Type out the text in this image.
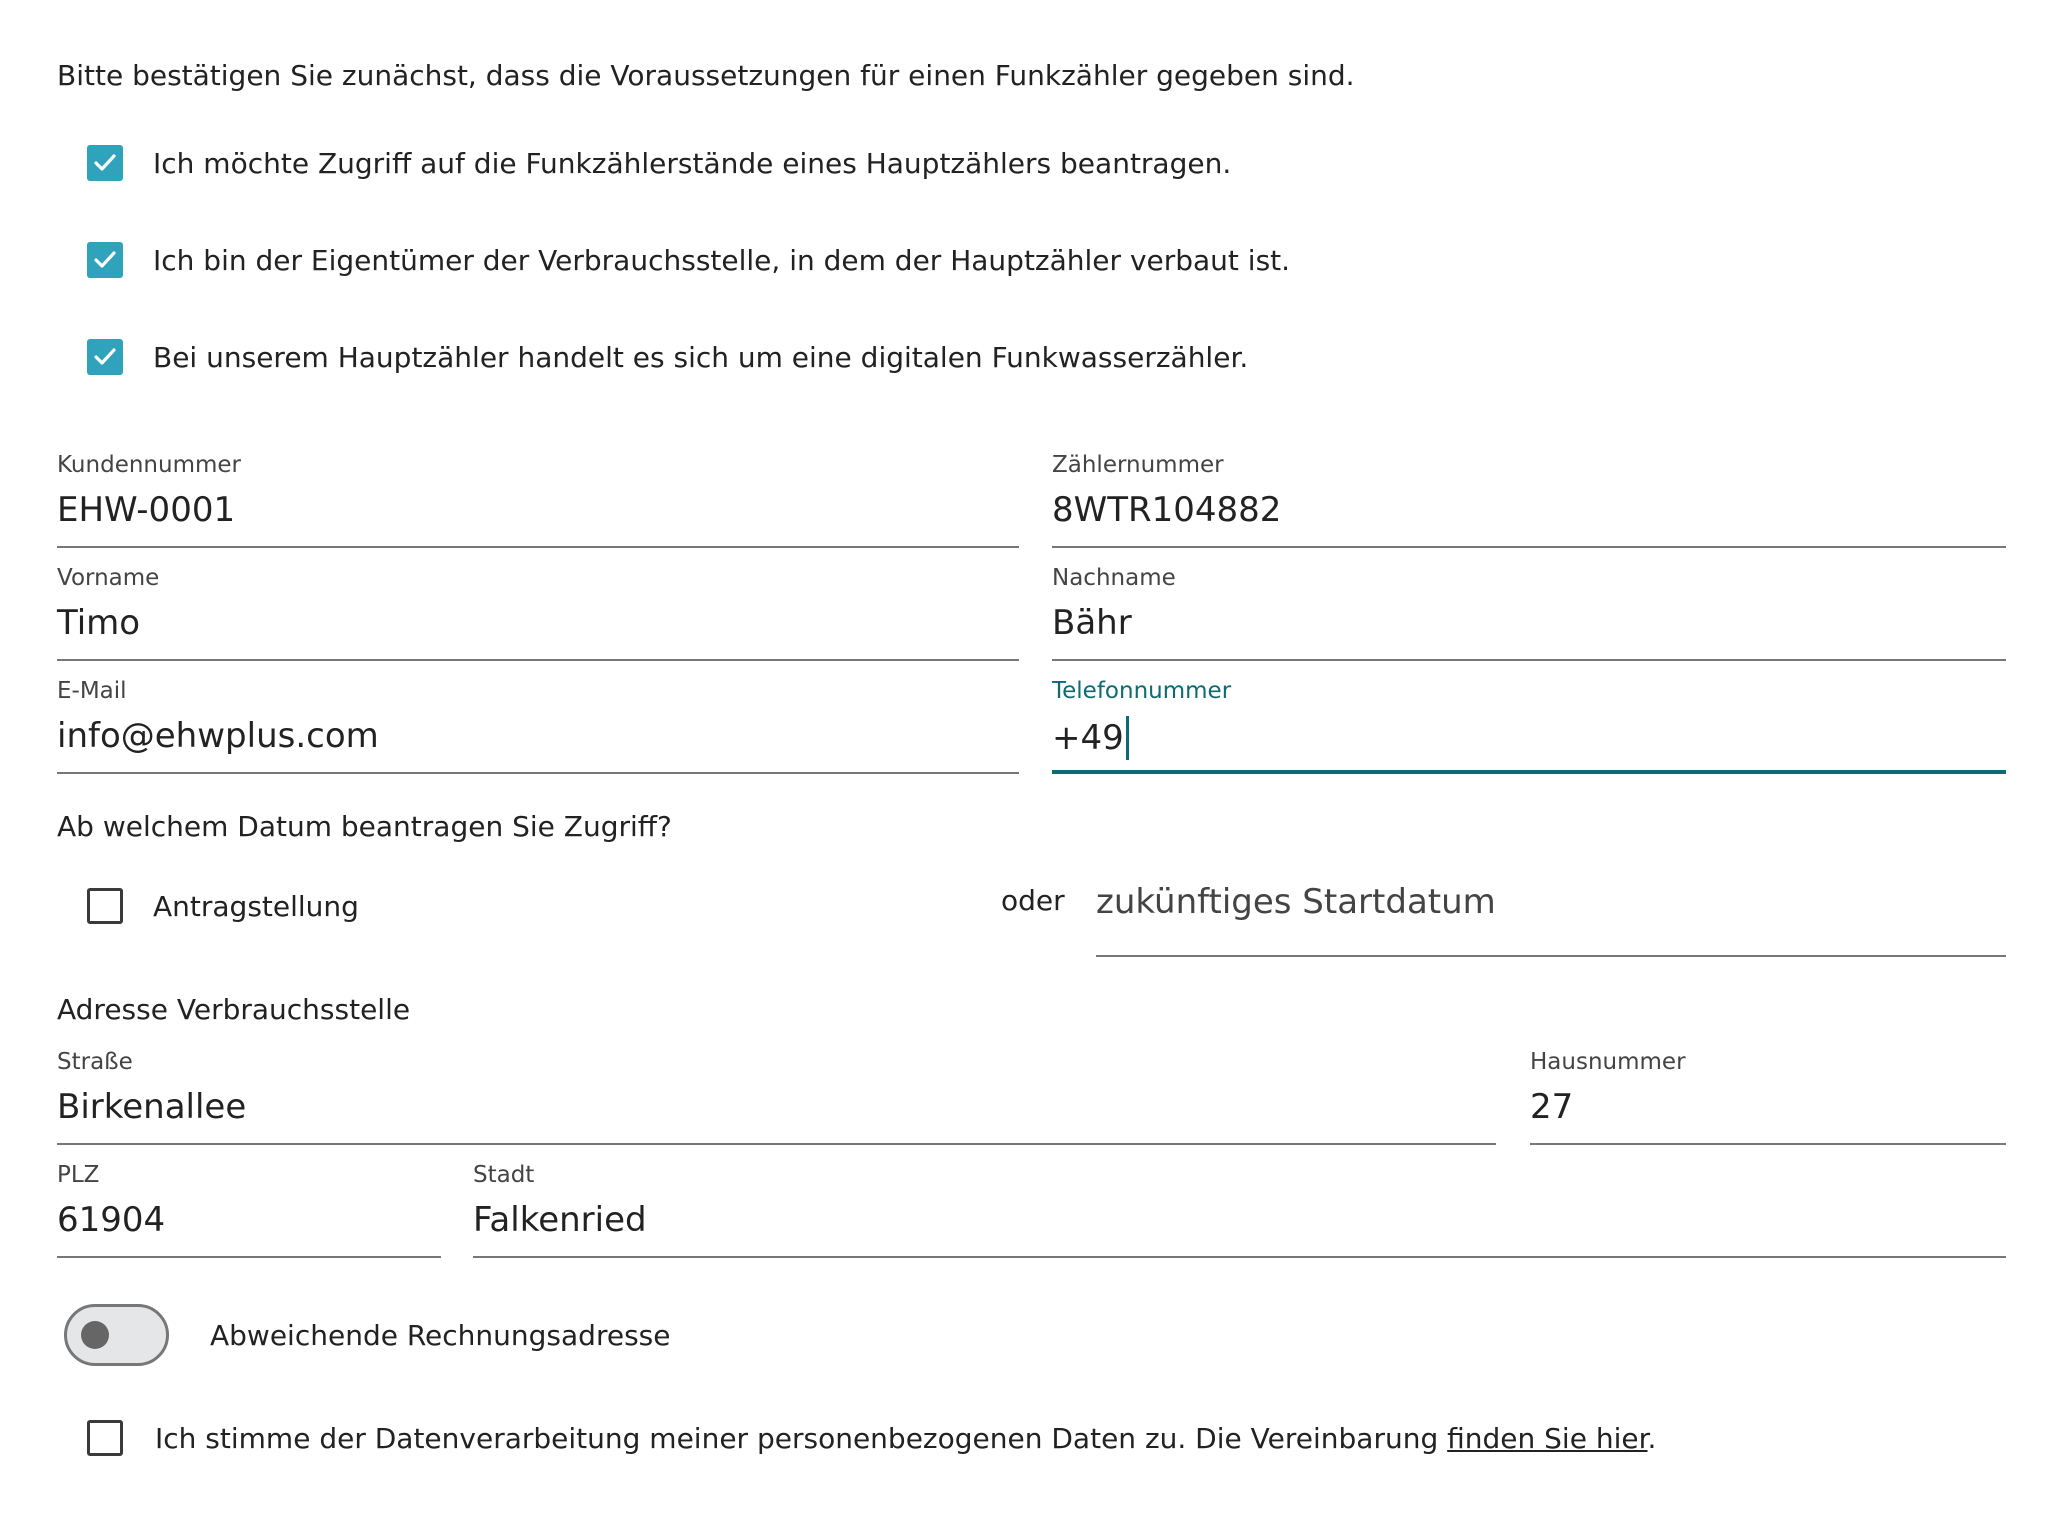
Bitte bestätigen Sie zunächst, dass die Voraussetzungen für einen Funkzähler gegeben sind.
Ich möchte Zugriff auf die Funkzählerstände eines Hauptzählers beantragen.
Ich bin der Eigentümer der Verbrauchsstelle, in dem der Hauptzähler verbaut ist.
Bei unserem Hauptzähler handelt es sich um eine digitalen Funkwasserzähler.
Kundennummer
EHW-0001
Zählernummer
8WTR104882
Vorname
Timo
Nachname
Bähr
E-Mail
info@ehwplus.com
Telefonnummer
+49
Ab welchem Datum beantragen Sie Zugriff?
Antragstellung	oder zukünftiges Startdatum
Adresse Verbrauchsstelle
Straße
Birkenallee
Hausnummer
27
PLZ
61904
Stadt
Falkenried
Abweichende Rechnungsadresse
Ich stimme der Datenverarbeitung meiner personenbezogenen Daten zu. Die Vereinbarung finden Sie hier.
